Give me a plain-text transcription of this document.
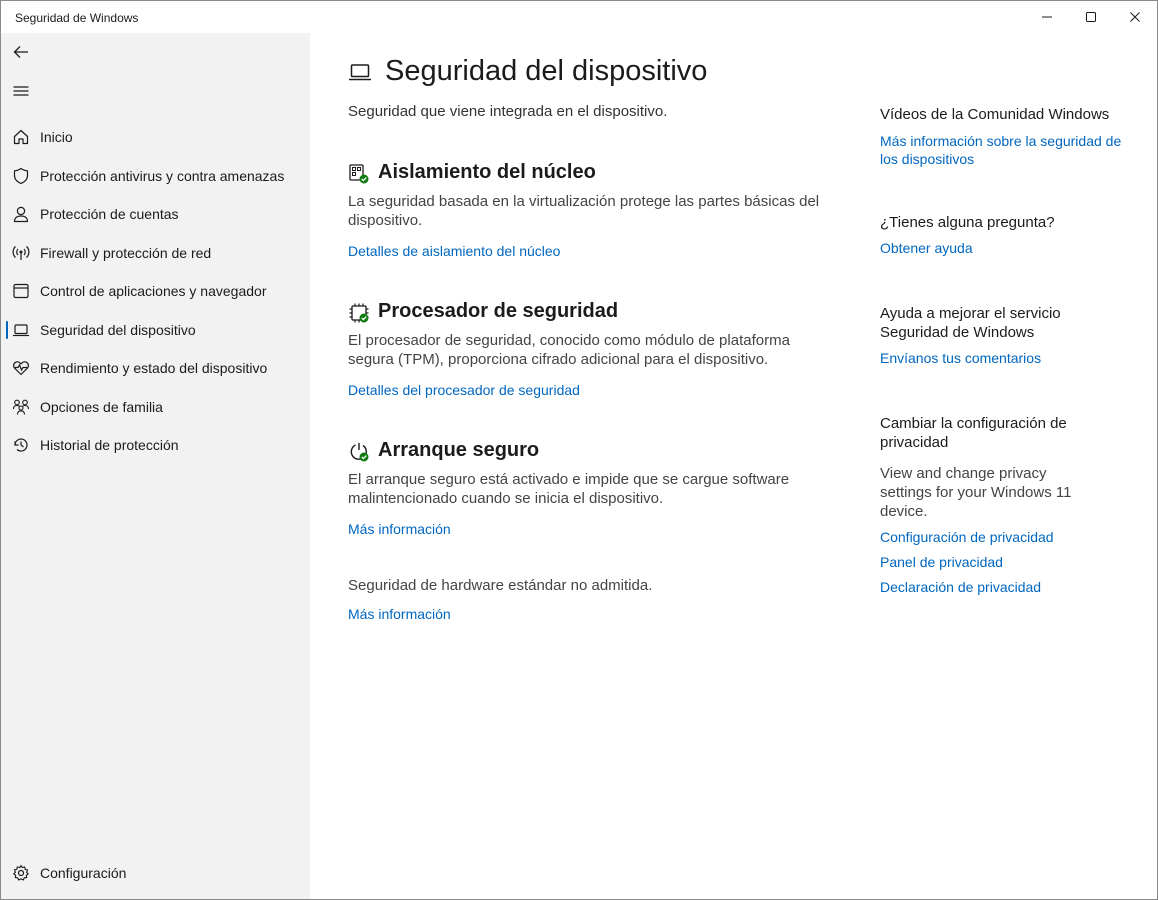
Seguridad de Windows
Inicio
Protección antivirus y contra amenazas
Protección de cuentas
Firewall y protección de red
Control de aplicaciones y navegador
Seguridad del dispositivo
Rendimiento y estado del dispositivo
Opciones de familia
Historial de protección
Configuración
Seguridad del dispositivo
Seguridad que viene integrada en el dispositivo.
Aislamiento del núcleo

La seguridad basada en la virtualización protege las partes básicas del dispositivo.

Detalles de aislamiento del núcleo
Procesador de seguridad

El procesador de seguridad, conocido como módulo de plataforma segura (TPM), proporciona cifrado adicional para el dispositivo.

Detalles del procesador de seguridad
Arranque seguro

El arranque seguro está activado e impide que se cargue software malintencionado cuando se inicia el dispositivo.

Más información
Seguridad de hardware estándar no admitida.
Más información
Vídeos de la Comunidad Windows
Más información sobre la seguridad de los dispositivos
¿Tienes alguna pregunta?
Obtener ayuda
Ayuda a mejorar el servicio Seguridad de Windows
Envíanos tus comentarios
Cambiar la configuración de privacidad
View and change privacy settings for your Windows 11 device.
Configuración de privacidad
Panel de privacidad
Declaración de privacidad
